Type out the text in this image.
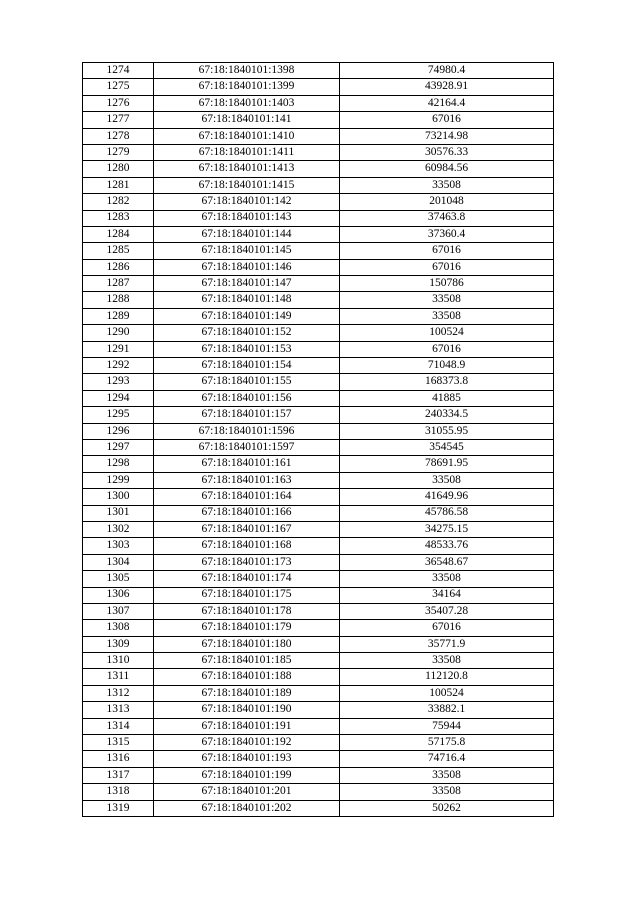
1274	67:18:1840101:1398	74980.4
1275	67:18:1840101:1399	43928.91
1276	67:18:1840101:1403	42164.4
1277	67:18:1840101:141	67016
1278	67:18:1840101:1410	73214.98
1279	67:18:1840101:1411	30576.33
1280	67:18:1840101:1413	60984.56
1281	67:18:1840101:1415	33508
1282	67:18:1840101:142	201048
1283	67:18:1840101:143	37463.8
1284	67:18:1840101:144	37360.4
1285	67:18:1840101:145	67016
1286	67:18:1840101:146	67016
1287	67:18:1840101:147	150786
1288	67:18:1840101:148	33508
1289	67:18:1840101:149	33508
1290	67:18:1840101:152	100524
1291	67:18:1840101:153	67016
1292	67:18:1840101:154	71048.9
1293	67:18:1840101:155	168373.8
1294	67:18:1840101:156	41885
1295	67:18:1840101:157	240334.5
1296	67:18:1840101:1596	31055.95
1297	67:18:1840101:1597	354545
1298	67:18:1840101:161	78691.95
1299	67:18:1840101:163	33508
1300	67:18:1840101:164	41649.96
1301	67:18:1840101:166	45786.58
1302	67:18:1840101:167	34275.15
1303	67:18:1840101:168	48533.76
1304	67:18:1840101:173	36548.67
1305	67:18:1840101:174	33508
1306	67:18:1840101:175	34164
1307	67:18:1840101:178	35407.28
1308	67:18:1840101:179	67016
1309	67:18:1840101:180	35771.9
1310	67:18:1840101:185	33508
1311	67:18:1840101:188	112120.8
1312	67:18:1840101:189	100524
1313	67:18:1840101:190	33882.1
1314	67:18:1840101:191	75944
1315	67:18:1840101:192	57175.8
1316	67:18:1840101:193	74716.4
1317	67:18:1840101:199	33508
1318	67:18:1840101:201	33508
1319	67:18:1840101:202	50262
